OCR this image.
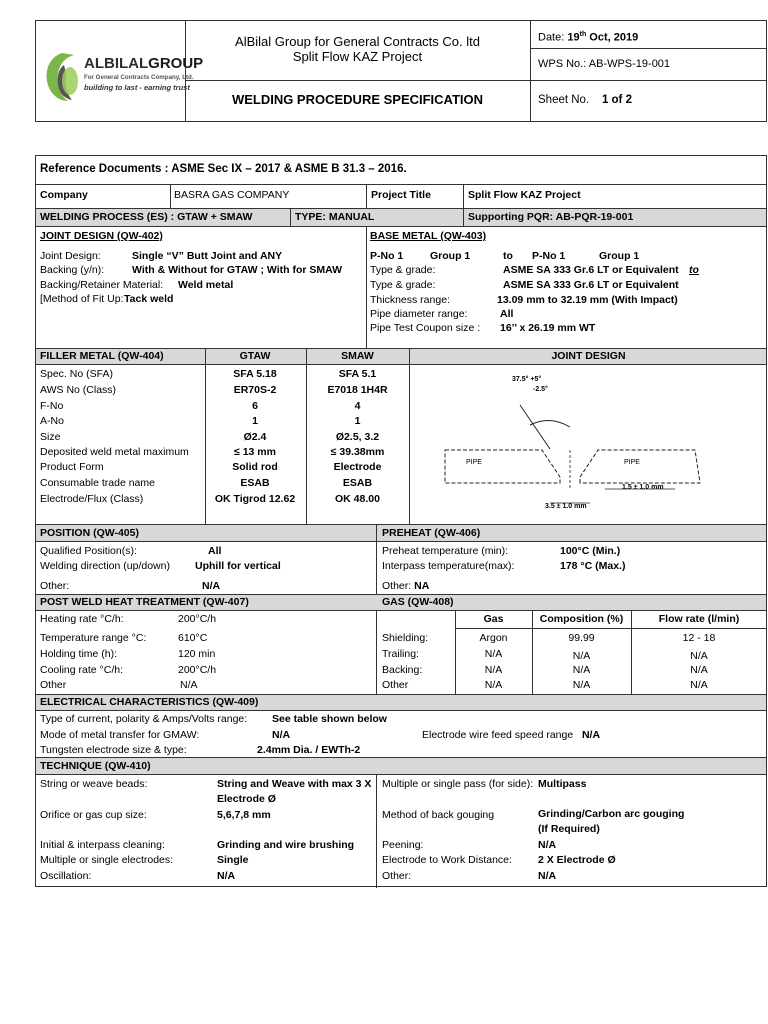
ALBILALGROUP
For General Contracts Company, Ltd.
building to last - earning trust
AlBilal Group for General Contracts Co. ltd
Split Flow KAZ Project
WELDING PROCEDURE SPECIFICATION
Date: 19th Oct, 2019
WPS No.: AB-WPS-19-001
Sheet No. 1 of 2
Reference Documents : ASME Sec IX – 2017 & ASME B 31.3 – 2016.
Company	BASRA GAS COMPANY	Project Title	Split Flow KAZ Project
WELDING PROCESS (ES) : GTAW + SMAW	TYPE: MANUAL	Supporting PQR: AB-PQR-19-001
JOINT DESIGN (QW-402)	BASE METAL (QW-403)
Joint Design:	Single “V” Butt Joint and ANY
Backing (y/n):	With & Without for GTAW ; With for SMAW
Backing/Retainer Material: Weld metal
[Method of Fit Up: Tack weld
P-No 1	Group 1	to P-No 1	Group 1
Type & grade:	ASME SA 333 Gr.6 LT or Equivalent to
Type & grade:	ASME SA 333 Gr.6 LT or Equivalent
Thickness range:	13.09 mm to 32.19 mm (With Impact)
Pipe diameter range:	All
Pipe Test Coupon size : 16’’ x 26.19 mm WT
FILLER METAL (QW-404)	GTAW	SMAW	JOINT DESIGN
Spec. No (SFA)	SFA 5.18	SFA 5.1
AWS No (Class)	ER70S-2	E7018 1H4R
F-No	6	4
A-No	1	1
Size	Ø2.4	Ø2.5, 3.2
Deposited weld metal maximum	≤ 13 mm	≤ 39.38mm
Product Form	Solid rod	Electrode
Consumable trade name	ESAB	ESAB
Electrode/Flux (Class)	OK Tigrod 12.62	OK 48.00
37.5° +5°
-2.5°
PIPE	PIPE
1.5 ± 1.0 mm
3.5 ± 1.0 mm
POSITION (QW-405)	PREHEAT (QW-406)
Qualified Position(s):	All
Welding direction (up/down) Uphill for vertical
Other:	N/A
Preheat temperature (min):	100°C (Min.)
Interpass temperature(max):	178 °C (Max.)
Other: NA
POST WELD HEAT TREATMENT (QW-407)	GAS (QW-408)
Gas	Composition (%)	Flow rate (l/min)
Heating rate °C/h:	200°C/h
Temperature range °C:	610°C
Holding time (h):	120 min
Cooling rate °C/h:	200°C/h
Other	N/A
Shielding:	Argon	99.99	12 - 18
Trailing:	N/A	N/A	N/A
Backing:	N/A	N/A	N/A
Other	N/A	N/A	N/A
ELECTRICAL CHARACTERISTICS (QW-409)
Type of current, polarity & Amps/Volts range: See table shown below
Mode of metal transfer for GMAW:	N/A	Electrode wire feed speed range N/A
Tungsten electrode size & type:	2.4mm Dia. / EWTh-2
TECHNIQUE (QW-410)
String or weave beads:	String and Weave with max 3 X
Electrode Ø
Orifice or gas cup size:	5,6,7,8 mm
Initial & interpass cleaning:	Grinding and wire brushing
Multiple or single electrodes:	Single
Oscillation:	N/A
Multiple or single pass (for side): Multipass
Method of back gouging	Grinding/Carbon arc gouging
(If Required)
Peening:	N/A
Electrode to Work Distance: 2 X Electrode Ø
Other:	N/A
